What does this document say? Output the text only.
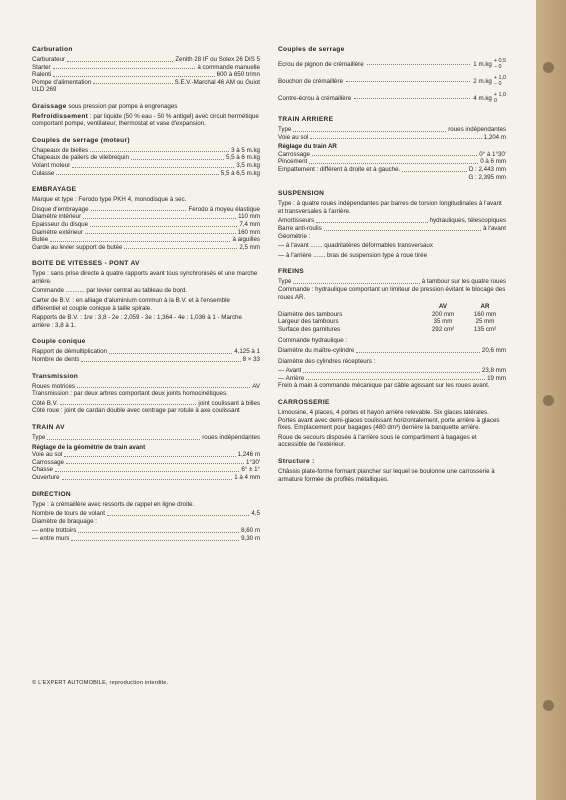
Carburation
Carburateur	Zenith 28 IF ou Solex 26 DIS 5
Starter	à commande manuelle
Ralenti	600 à 650 tr/mn
Pompe d'alimentation	S.E.V.-Marchal 46 AM ou Guiot
ULD 269
Graissage sous pression par pompe à engrenages
Refroidissement : par liquide (50 % eau - 50 % antigel) avec circuit hermétique comportant pompe, ventilateur, thermostat et vase d'expansion.
Couples de serrage (moteur)
Chapeaux de bielles	3 à 5 m.kg
Chapeaux de paliers de vilebrequin	5,5 à 6 m.kg
Volant moteur	3,5 m.kg
Culasse	5,5 à 6,5 m.kg
EMBRAYAGE
Marque et type : Ferodo type PKH 4, monodisque à sec.
Disque d'embrayage	Ferodo à moyeu élastique
Diamètre intérieur	110 mm
Epaisseur du disque	7,4 mm
Diamètre extérieur	160 mm
Butée	à aiguilles
Garde au levier support de butée	2,5 mm
BOITE DE VITESSES - PONT AV
Type : sans prise directe à quatre rapports avant tous synchronisés et une marche arrière.
Commande ........... par levier central au tableau de bord.
Carter de B.V. : en alliage d'aluminium commun à la B.V. et à l'ensemble différentiel et couple conique à taille spirale.
Rapports de B.V. : 1re : 3,8 - 2e : 2,059 - 3e : 1,364 - 4e : 1,036 à 1 - Marche arrière : 3,8 à 1.
Couple conique
Rapport de démultiplication	4,125 à 1
Nombre de dents	8 × 33
Transmission
Roues motrices	AV
Transmission : par deux arbres comportant deux joints homocinétiques.
Côté B.V.	joint coulissant à billes
Côté roue : joint de cardan double avec centrage par rotule à axe coulissant
TRAIN AV
Type	roues indépendantes
Réglage de la géométrie de train avant
Voie au sol	1,246 m
Carrossage	1°30'
Chasse	6° ± 1°
Ouverture	1 à 4 mm
DIRECTION
Type : à crémaillère avec ressorts de rappel en ligne droite.
Nombre de tours de volant	4,5
Diamètre de braquage :
— entre trottoirs	8,60 m
— entre murs	9,30 m
Couples de serrage
Ecrou de pignon de crémaillère	1 m.kg
+ 0,5
− 0
Bouchon de crémaillère	2 m.kg
+ 1,0
− 0
Contre-écrou à crémaillère	4 m.kg
+ 1,0
0
TRAIN ARRIERE
Type	roues indépendantes
Voie au sol	1,204 m
Réglage du train AR
Carrossage	0° à 1°30'
Pincement	0 à 6 mm
Empattement : différent à droite et à gauche.	D : 2,443 mm
G : 2,395 mm
SUSPENSION
Type : à quatre roues indépendantes par barres de torsion longitudinales à l'avant et transversales à l'arrière.
Amortisseurs	hydrauliques, télescopiques
Barre anti-roulis	à l'avant
Géométrie :
— à l'avant ....... quadrilatères déformables transversaux
— à l'arrière ....... bras de suspension type à roue tirée
FREINS
Type	à tambour sur les quatre roues
Commande : hydraulique comportant un limiteur de pression évitant le blocage des roues AR.
	AV	AR
Diamètre des tambours	200 mm	160 mm
Largeur des tambours	35 mm	25 mm
Surface des garnitures	292 cm²	135 cm²
Commande hydraulique :
Diamètre du maître-cylindre	20,6 mm
Diamètre des cylindres récepteurs :
— Avant	23,8 mm
— Arrière	19 mm
Frein à main à commande mécanique par câble agissant sur les roues avant.
CARROSSERIE
Limousine, 4 places, 4 portes et hayon arrière relevable. Six glaces latérales. Portes avant avec demi-glaces coulissant horizontalement, porte arrière à glaces fixes. Emplacement pour bagages (480 dm³) derrière la banquette arrière.
Roue de secours disposée à l'arrière sous le compartiment à bagages et accessible de l'extérieur.
Structure :
Châssis plate-forme formant plancher sur lequel se boulonne une carrosserie à armature formée de profilés métalliques.
© L'EXPERT AUTOMOBILE, reproduction interdite.
